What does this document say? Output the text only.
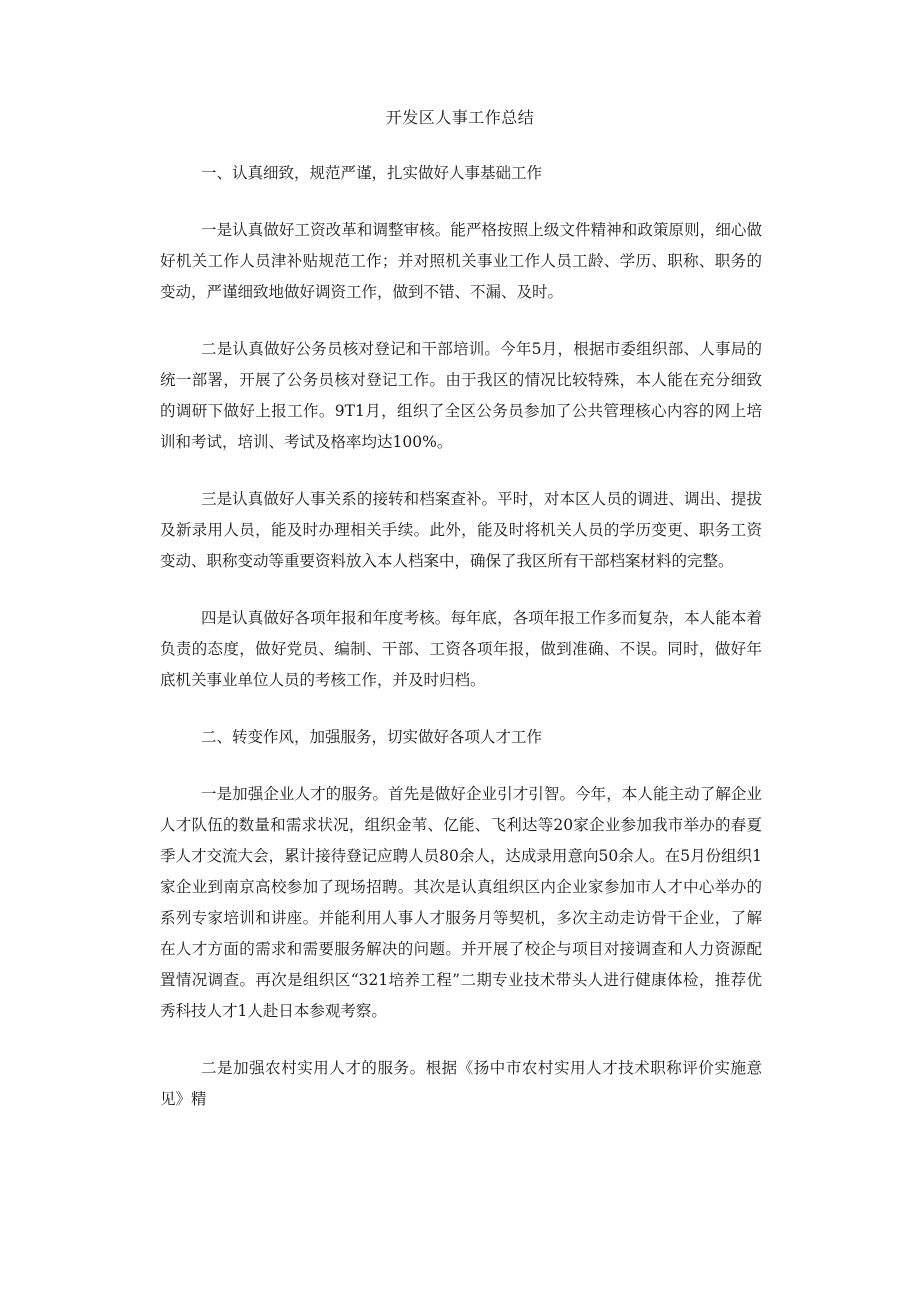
开发区人事工作总结

一、认真细致，规范严谨，扎实做好人事基础工作

一是认真做好工资改革和调整审核。能严格按照上级文件精神和政策原则，细心做好机关工作人员津补贴规范工作；并对照机关事业工作人员工龄、学历、职称、职务的变动，严谨细致地做好调资工作，做到不错、不漏、及时。

二是认真做好公务员核对登记和干部培训。今年5月，根据市委组织部、人事局的统一部署，开展了公务员核对登记工作。由于我区的情况比较特殊，本人能在充分细致的调研下做好上报工作。9T1月，组织了全区公务员参加了公共管理核心内容的网上培训和考试，培训、考试及格率均达100%。

三是认真做好人事关系的接转和档案查补。平时，对本区人员的调进、调出、提拔及新录用人员，能及时办理相关手续。此外，能及时将机关人员的学历变更、职务工资变动、职称变动等重要资料放入本人档案中，确保了我区所有干部档案材料的完整。

四是认真做好各项年报和年度考核。每年底，各项年报工作多而复杂，本人能本着负责的态度，做好党员、编制、干部、工资各项年报，做到准确、不误。同时，做好年底机关事业单位人员的考核工作，并及时归档。

二、转变作风，加强服务，切实做好各项人才工作

一是加强企业人才的服务。首先是做好企业引才引智。今年，本人能主动了解企业人才队伍的数量和需求状况，组织金苇、亿能、飞利达等20家企业参加我市举办的春夏季人才交流大会，累计接待登记应聘人员80余人，达成录用意向50余人。在5月份组织1家企业到南京高校参加了现场招聘。其次是认真组织区内企业家参加市人才中心举办的系列专家培训和讲座。并能利用人事人才服务月等契机，多次主动走访骨干企业，了解在人才方面的需求和需要服务解决的问题。并开展了校企与项目对接调查和人力资源配置情况调查。再次是组织区“321培养工程”二期专业技术带头人进行健康体检，推荐优秀科技人才1人赴日本参观考察。

二是加强农村实用人才的服务。根据《扬中市农村实用人才技术职称评价实施意见》精
